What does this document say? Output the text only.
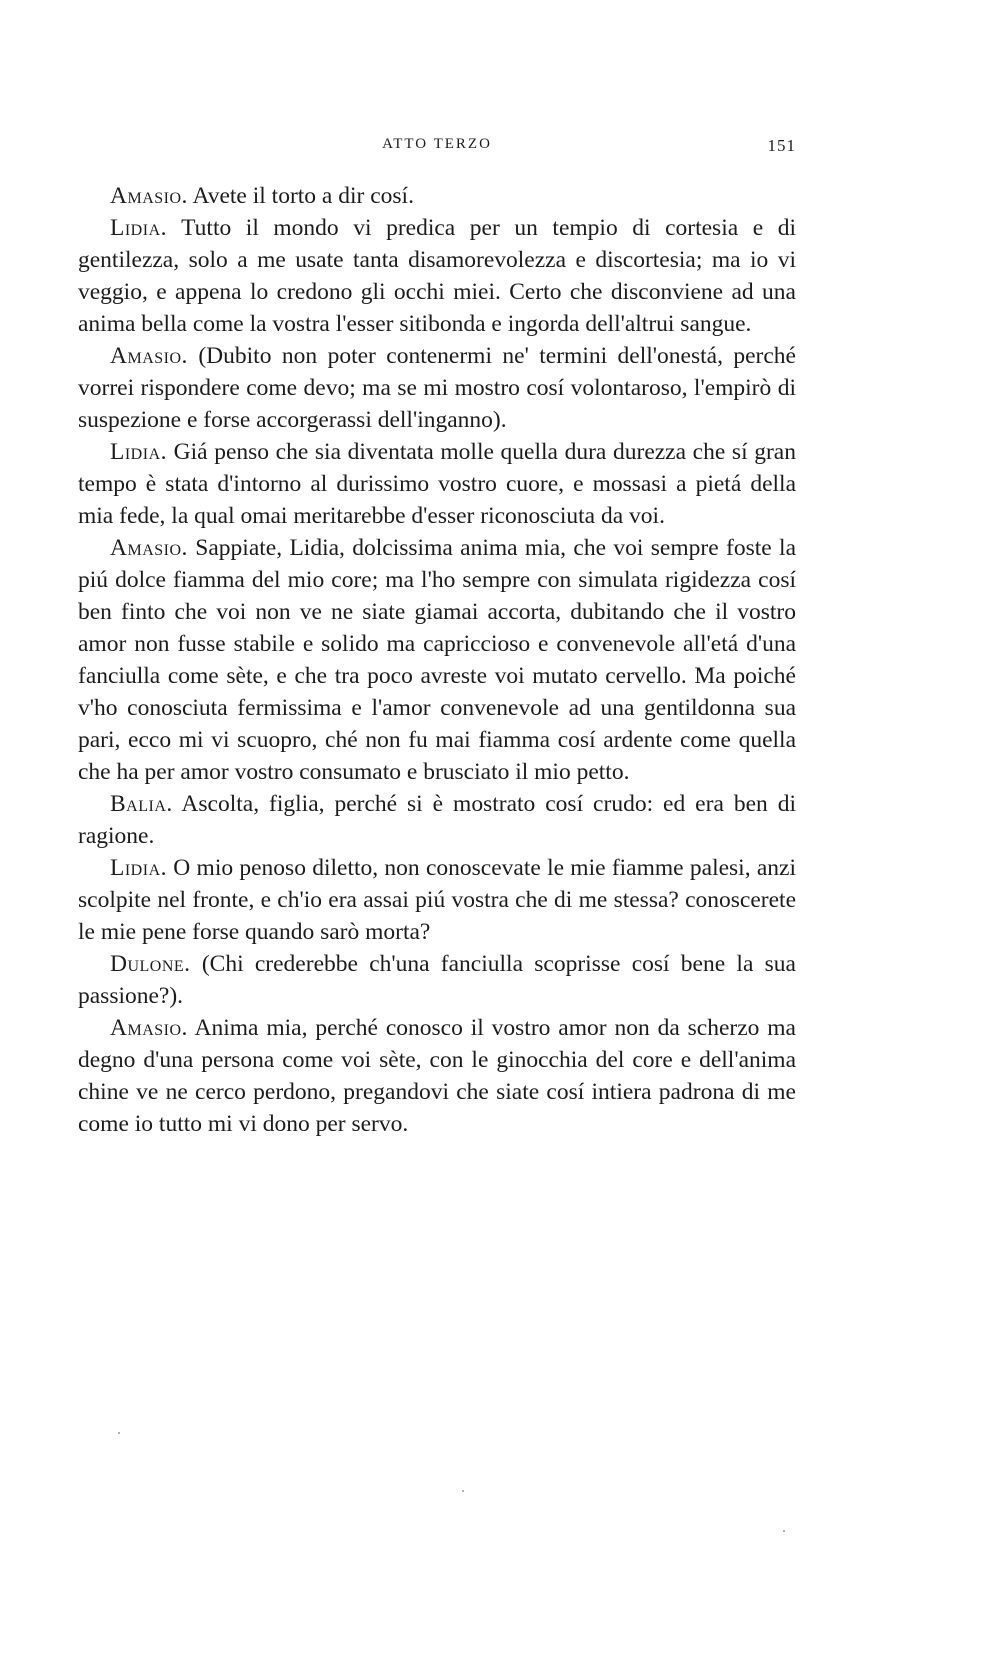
ATTO TERZO	151

Amasio. Avete il torto a dir cosí.

Lidia. Tutto il mondo vi predica per un tempio di cortesia e di gentilezza, solo a me usate tanta disamorevolezza e discortesia; ma io vi veggio, e appena lo credono gli occhi miei. Certo che disconviene ad una anima bella come la vostra l'esser sitibonda e ingorda dell'altrui sangue.

Amasio. (Dubito non poter contenermi ne' termini dell'onestá, perché vorrei rispondere come devo; ma se mi mostro cosí volontaroso, l'empirò di suspezione e forse accorgerassi dell'inganno).

Lidia. Giá penso che sia diventata molle quella dura durezza che sí gran tempo è stata d'intorno al durissimo vostro cuore, e mossasi a pietá della mia fede, la qual omai meritarebbe d'esser riconosciuta da voi.

Amasio. Sappiate, Lidia, dolcissima anima mia, che voi sempre foste la piú dolce fiamma del mio core; ma l'ho sempre con simulata rigidezza cosí ben finto che voi non ve ne siate giamai accorta, dubitando che il vostro amor non fusse stabile e solido ma capriccioso e convenevole all'etá d'una fanciulla come sète, e che tra poco avreste voi mutato cervello. Ma poiché v'ho conosciuta fermissima e l'amor convenevole ad una gentildonna sua pari, ecco mi vi scuopro, ché non fu mai fiamma cosí ardente come quella che ha per amor vostro consumato e brusciato il mio petto.

Balia. Ascolta, figlia, perché si è mostrato cosí crudo: ed era ben di ragione.

Lidia. O mio penoso diletto, non conoscevate le mie fiamme palesi, anzi scolpite nel fronte, e ch'io era assai piú vostra che di me stessa? conoscerete le mie pene forse quando sarò morta?

Dulone. (Chi crederebbe ch'una fanciulla scoprisse cosí bene la sua passione?).

Amasio. Anima mia, perché conosco il vostro amor non da scherzo ma degno d'una persona come voi sète, con le ginocchia del core e dell'anima chine ve ne cerco perdono, pregandovi che siate cosí intiera padrona di me come io tutto mi vi dono per servo.
